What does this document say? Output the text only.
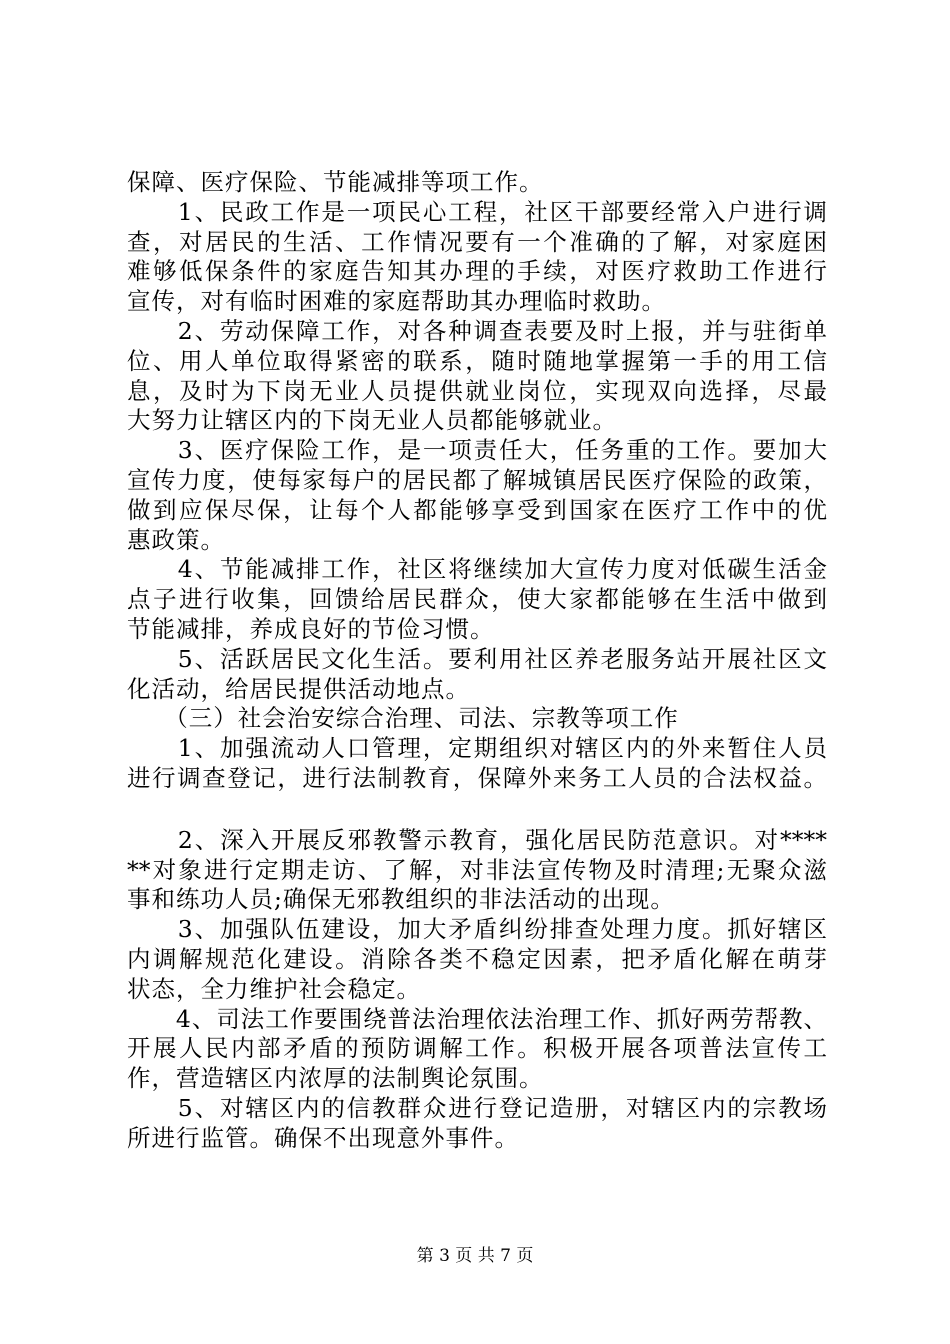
保障、医疗保险、节能减排等项工作。
　　1、民政工作是一项民心工程，社区干部要经常入户进行调
查，对居民的生活、工作情况要有一个准确的了解，对家庭困
难够低保条件的家庭告知其办理的手续，对医疗救助工作进行
宣传，对有临时困难的家庭帮助其办理临时救助。
　　2、劳动保障工作，对各种调查表要及时上报，并与驻街单
位、用人单位取得紧密的联系，随时随地掌握第一手的用工信
息，及时为下岗无业人员提供就业岗位，实现双向选择，尽最
大努力让辖区内的下岗无业人员都能够就业。
　　3、医疗保险工作，是一项责任大，任务重的工作。要加大
宣传力度，使每家每户的居民都了解城镇居民医疗保险的政策，
做到应保尽保，让每个人都能够享受到国家在医疗工作中的优
惠政策。
　　4、节能减排工作，社区将继续加大宣传力度对低碳生活金
点子进行收集，回馈给居民群众，使大家都能够在生活中做到
节能减排，养成良好的节俭习惯。
　　5、活跃居民文化生活。要利用社区养老服务站开展社区文
化活动，给居民提供活动地点。
　　（三）社会治安综合治理、司法、宗教等项工作
　　1、加强流动人口管理，定期组织对辖区内的外来暂住人员
进行调查登记，进行法制教育，保障外来务工人员的合法权益。
　　2、深入开展反邪教警示教育，强化居民防范意识。对****
**对象进行定期走访、了解，对非法宣传物及时清理;无聚众滋
事和练功人员;确保无邪教组织的非法活动的出现。
　　3、加强队伍建设，加大矛盾纠纷排查处理力度。抓好辖区
内调解规范化建设。消除各类不稳定因素，把矛盾化解在萌芽
状态，全力维护社会稳定。
　　4、司法工作要围绕普法治理依法治理工作、抓好两劳帮教、
开展人民内部矛盾的预防调解工作。积极开展各项普法宣传工
作，营造辖区内浓厚的法制舆论氛围。
　　5、对辖区内的信教群众进行登记造册，对辖区内的宗教场
所进行监管。确保不出现意外事件。
第 3 页 共 7 页
